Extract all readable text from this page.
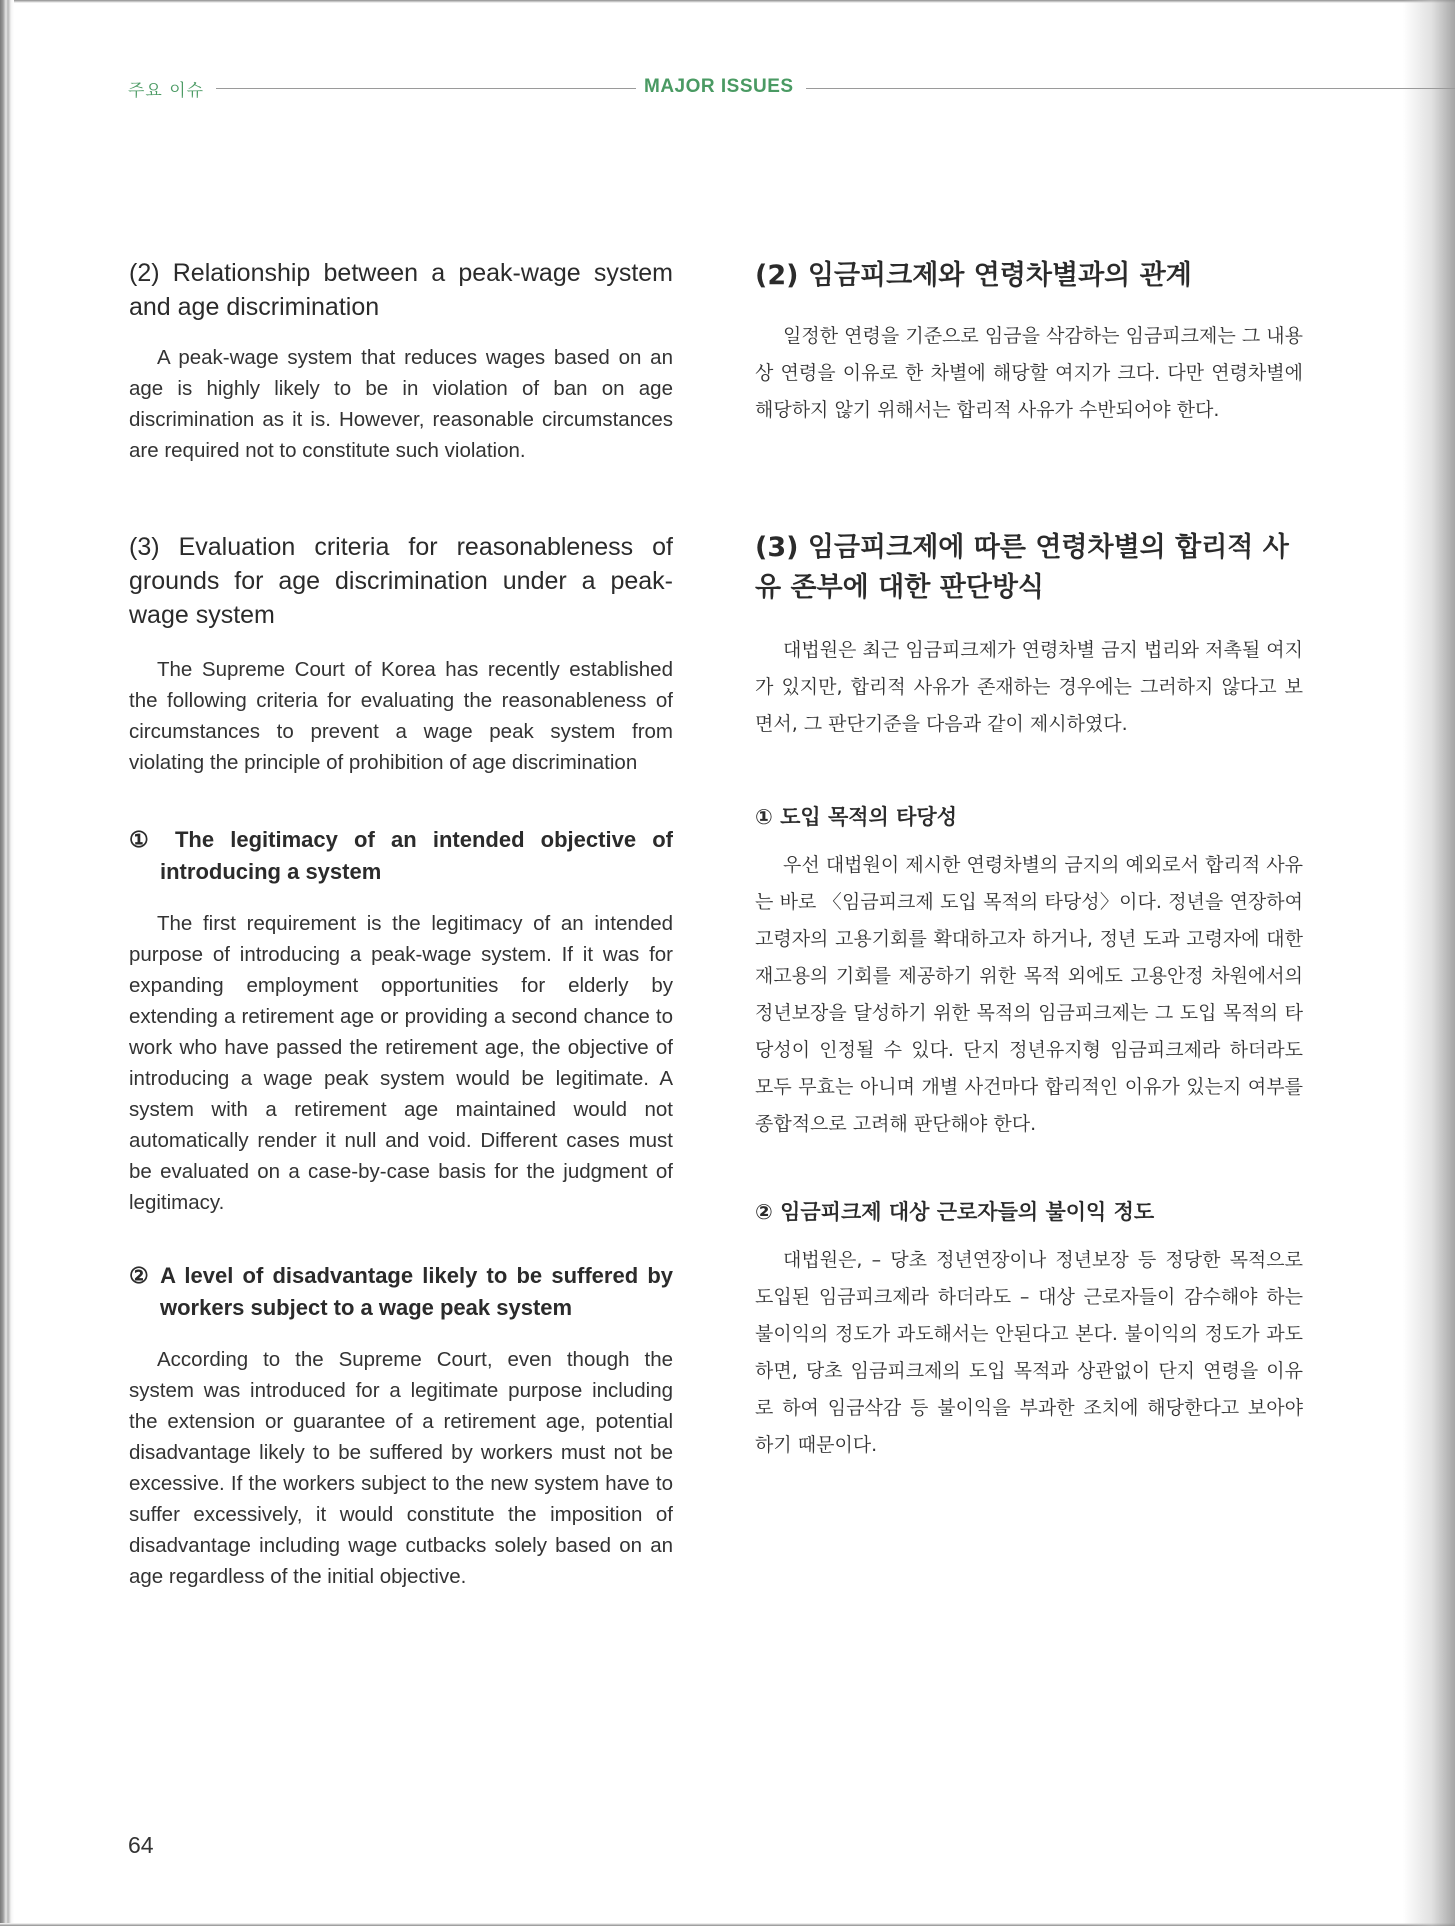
주요 이슈	MAJOR ISSUES
(2) Relationship between a peak-wage system and age discrimination

A peak-wage system that reduces wages based on an age is highly likely to be in violation of ban on age discrimination as it is. However, reasonable circumstances are required not to constitute such violation.

(3) Evaluation criteria for reasonableness of grounds for age discrimination under a peak-wage system

The Supreme Court of Korea has recently established the following criteria for evaluating the reasonableness of circumstances to prevent a wage peak system from violating the principle of prohibition of age discrimination

① The legitimacy of an intended objective of introducing a system

The first requirement is the legitimacy of an intended purpose of introducing a peak-wage system. If it was for expanding employment opportunities for elderly by extending a retirement age or providing a second chance to work who have passed the retirement age, the objective of introducing a wage peak system would be legitimate. A system with a retirement age maintained would not automatically render it null and void. Different cases must be evaluated on a case-by-case basis for the judgment of legitimacy.

② A level of disadvantage likely to be suffered by workers subject to a wage peak system

According to the Supreme Court, even though the system was introduced for a legitimate purpose including the extension or guarantee of a retirement age, potential disadvantage likely to be suffered by workers must not be excessive. If the workers subject to the new system have to suffer excessively, it would constitute the imposition of disadvantage including wage cutbacks solely based on an age regardless of the initial objective.

(2) 임금피크제와 연령차별과의 관계

일정한 연령을 기준으로 임금을 삭감하는 임금피크제는 그 내용상 연령을 이유로 한 차별에 해당할 여지가 크다. 다만 연령차별에 해당하지 않기 위해서는 합리적 사유가 수반되어야 한다.

(3) 임금피크제에 따른 연령차별의 합리적 사유 존부에 대한 판단방식

대법원은 최근 임금피크제가 연령차별 금지 법리와 저촉될 여지가 있지만, 합리적 사유가 존재하는 경우에는 그러하지 않다고 보면서, 그 판단기준을 다음과 같이 제시하였다.

① 도입 목적의 타당성

우선 대법원이 제시한 연령차별의 금지의 예외로서 합리적 사유는 바로 〈임금피크제 도입 목적의 타당성〉이다. 정년을 연장하여 고령자의 고용기회를 확대하고자 하거나, 정년 도과 고령자에 대한 재고용의 기회를 제공하기 위한 목적 외에도 고용안정 차원에서의 정년보장을 달성하기 위한 목적의 임금피크제는 그 도입 목적의 타당성이 인정될 수 있다. 단지 정년유지형 임금피크제라 하더라도 모두 무효는 아니며 개별 사건마다 합리적인 이유가 있는지 여부를 종합적으로 고려해 판단해야 한다.

② 임금피크제 대상 근로자들의 불이익 정도

대법원은, – 당초 정년연장이나 정년보장 등 정당한 목적으로 도입된 임금피크제라 하더라도 – 대상 근로자들이 감수해야 하는 불이익의 정도가 과도해서는 안된다고 본다. 불이익의 정도가 과도하면, 당초 임금피크제의 도입 목적과 상관없이 단지 연령을 이유로 하여 임금삭감 등 불이익을 부과한 조치에 해당한다고 보아야 하기 때문이다.

64
